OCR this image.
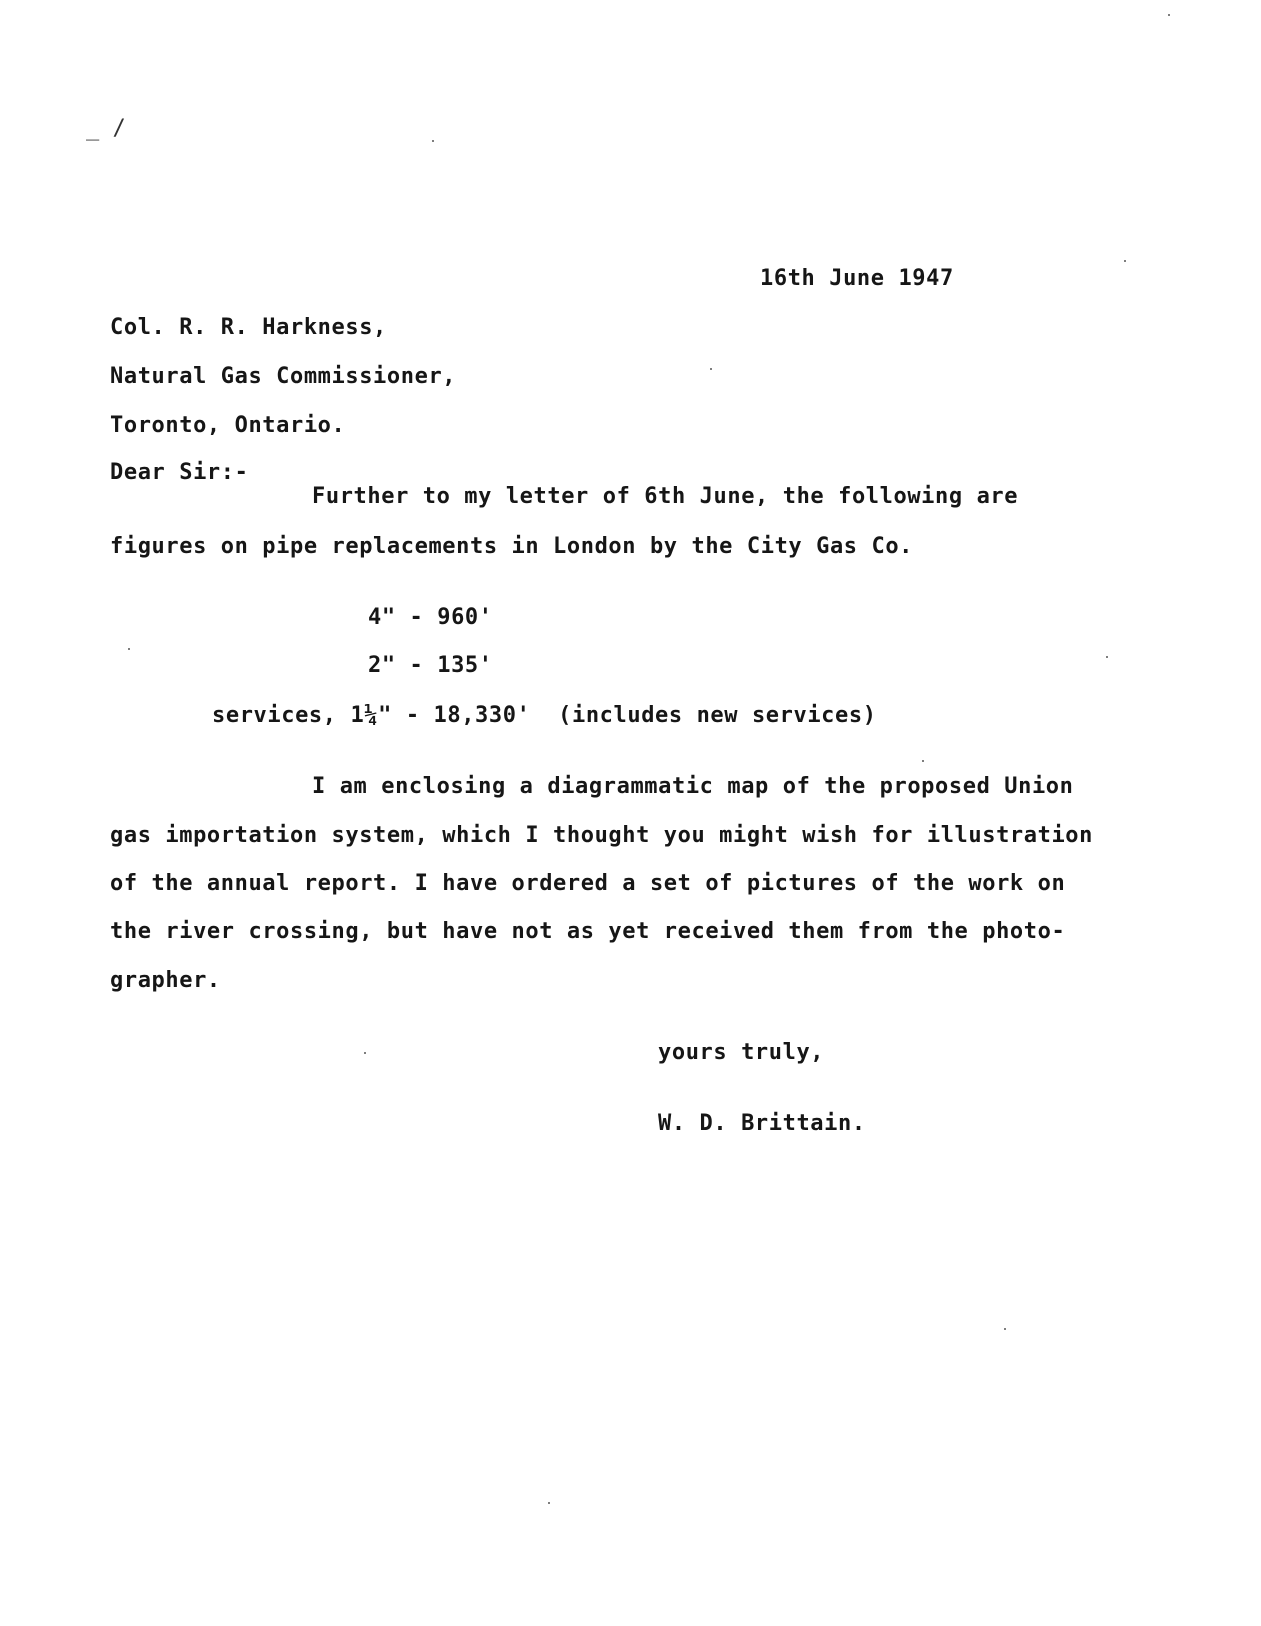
_ /
16th June 1947
Col. R. R. Harkness,
Natural Gas Commissioner,
Toronto, Ontario.
Dear Sir:-
Further to my letter of 6th June, the following are
figures on pipe replacements in London by the City Gas Co.
4" - 960'
2" - 135'
services, 1¼" - 18,330'  (includes new services)
I am enclosing a diagrammatic map of the proposed Union
gas importation system, which I thought you might wish for illustration
of the annual report. I have ordered a set of pictures of the work on
the river crossing, but have not as yet received them from the photo-
grapher.
yours truly,
W. D. Brittain.
